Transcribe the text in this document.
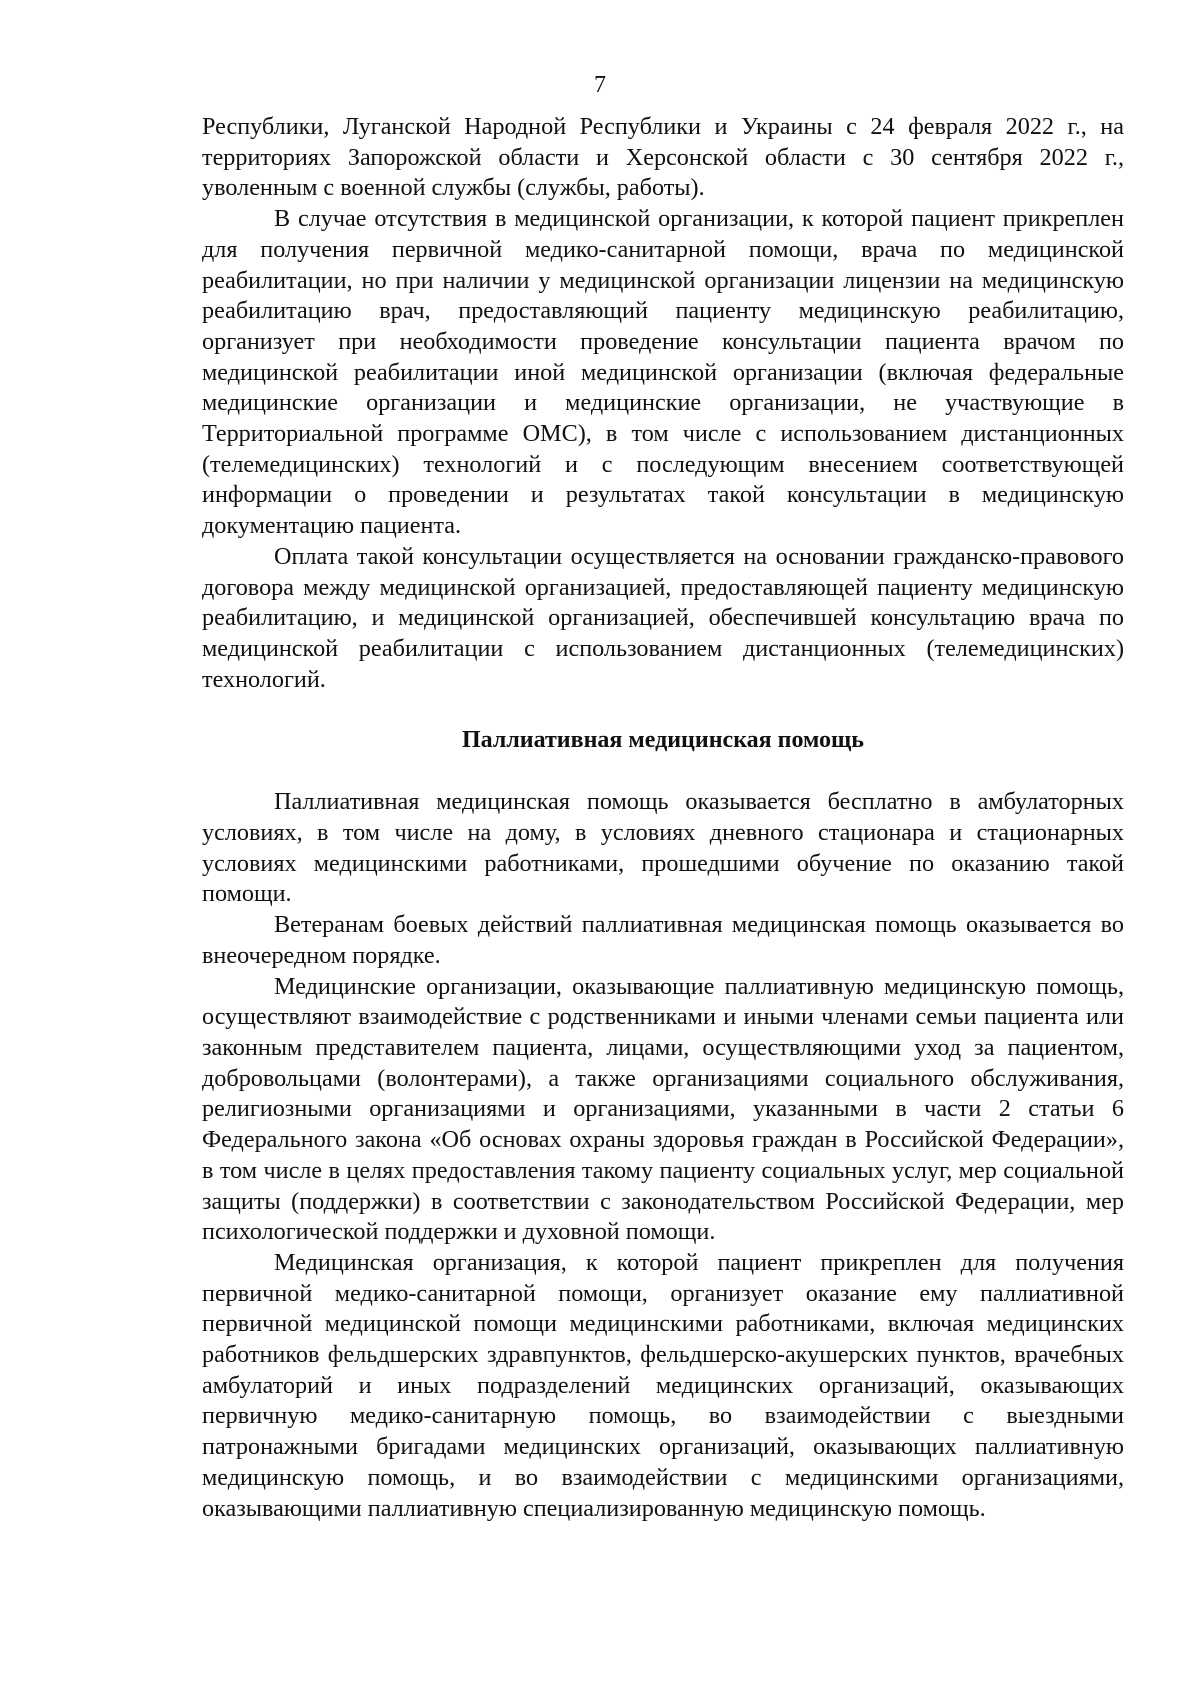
7

Республики, Луганской Народной Республики и Украины с 24 февраля 2022 г., на территориях Запорожской области и Херсонской области с 30 сентября 2022 г., уволенным с военной службы (службы, работы).

В случае отсутствия в медицинской организации, к которой пациент прикреплен для получения первичной медико-санитарной помощи, врача по медицинской реабилитации, но при наличии у медицинской организации лицензии на медицинскую реабилитацию врач, предоставляющий пациенту медицинскую реабилитацию, организует при необходимости проведение консультации пациента врачом по медицинской реабилитации иной медицинской организации (включая федеральные медицинские организации и медицинские организации, не участвующие в Территориальной программе ОМС), в том числе с использованием дистанционных (телемедицинских) технологий и с последующим внесением соответствующей информации о проведении и результатах такой консультации в медицинскую документацию пациента.

Оплата такой консультации осуществляется на основании гражданско-правового договора между медицинской организацией, предоставляющей пациенту медицинскую реабилитацию, и медицинской организацией, обеспечившей консультацию врача по медицинской реабилитации с использованием дистанционных (телемедицинских) технологий.

Паллиативная медицинская помощь

Паллиативная медицинская помощь оказывается бесплатно в амбулаторных условиях, в том числе на дому, в условиях дневного стационара и стационарных условиях медицинскими работниками, прошедшими обучение по оказанию такой помощи.

Ветеранам боевых действий паллиативная медицинская помощь оказывается во внеочередном порядке.

Медицинские организации, оказывающие паллиативную медицинскую помощь, осуществляют взаимодействие с родственниками и иными членами семьи пациента или законным представителем пациента, лицами, осуществляющими уход за пациентом, добровольцами (волонтерами), а также организациями социального обслуживания, религиозными организациями и организациями, указанными в части 2 статьи 6 Федерального закона «Об основах охраны здоровья граждан в Российской Федерации», в том числе в целях предоставления такому пациенту социальных услуг, мер социальной защиты (поддержки) в соответствии с законодательством Российской Федерации, мер психологической поддержки и духовной помощи.

Медицинская организация, к которой пациент прикреплен для получения первичной медико-санитарной помощи, организует оказание ему паллиативной первичной медицинской помощи медицинскими работниками, включая медицинских работников фельдшерских здравпунктов, фельдшерско-акушерских пунктов, врачебных амбулаторий и иных подразделений медицинских организаций, оказывающих первичную медико-санитарную помощь, во взаимодействии с выездными патронажными бригадами медицинских организаций, оказывающих паллиативную медицинскую помощь, и во взаимодействии с медицинскими организациями, оказывающими паллиативную специализированную медицинскую помощь.
